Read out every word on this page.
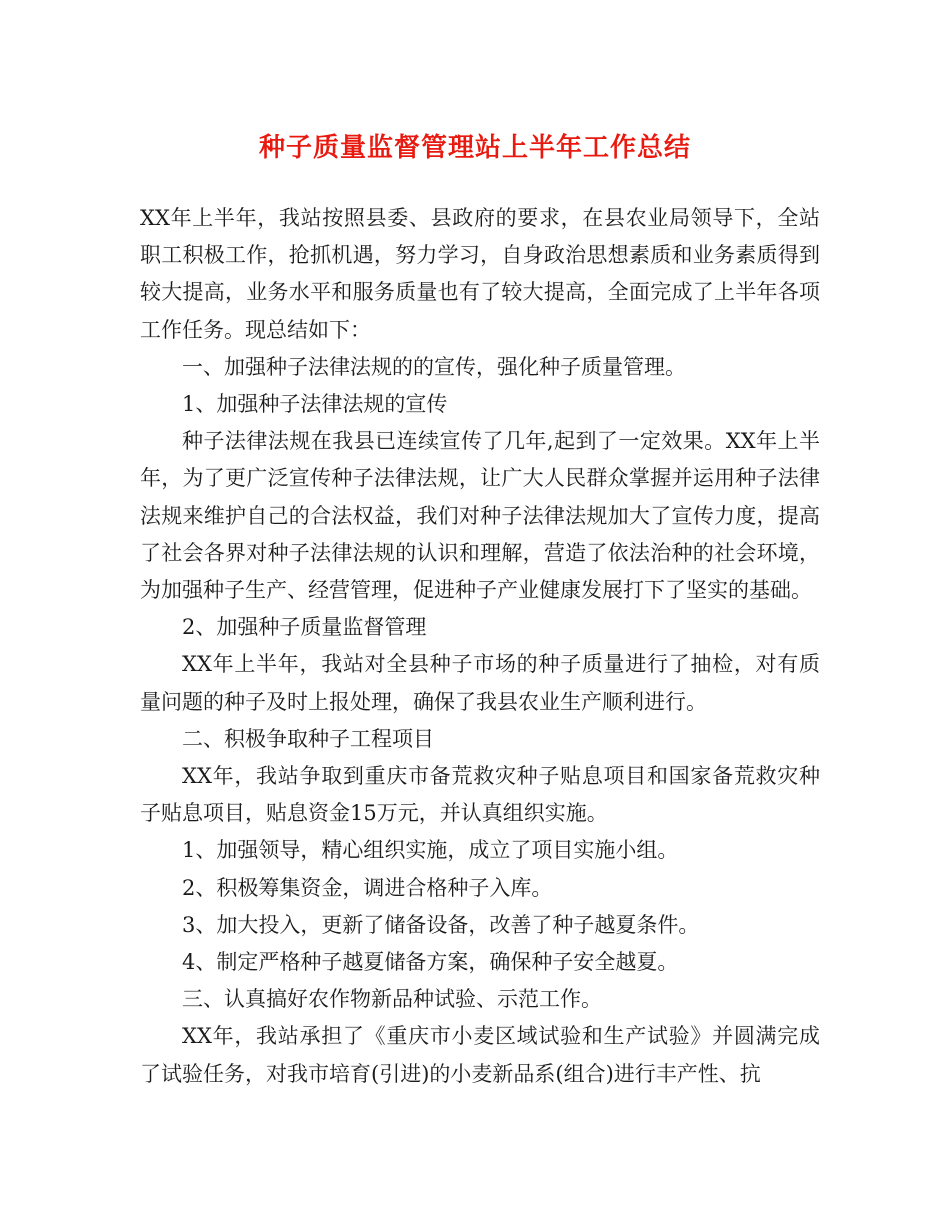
种子质量监督管理站上半年工作总结

XX年上半年，我站按照县委、县政府的要求，在县农业局领导下，全站职工积极工作，抢抓机遇，努力学习，自身政治思想素质和业务素质得到较大提高，业务水平和服务质量也有了较大提高，全面完成了上半年各项工作任务。现总结如下：

一、加强种子法律法规的的宣传，强化种子质量管理。

1、加强种子法律法规的宣传

种子法律法规在我县已连续宣传了几年,起到了一定效果。XX年上半年，为了更广泛宣传种子法律法规，让广大人民群众掌握并运用种子法律法规来维护自己的合法权益，我们对种子法律法规加大了宣传力度，提高了社会各界对种子法律法规的认识和理解，营造了依法治种的社会环境，为加强种子生产、经营管理，促进种子产业健康发展打下了坚实的基础。

2、加强种子质量监督管理

XX年上半年，我站对全县种子市场的种子质量进行了抽检，对有质量问题的种子及时上报处理，确保了我县农业生产顺利进行。

二、积极争取种子工程项目

XX年，我站争取到重庆市备荒救灾种子贴息项目和国家备荒救灾种子贴息项目，贴息资金15万元，并认真组织实施。

1、加强领导，精心组织实施，成立了项目实施小组。

2、积极筹集资金，调进合格种子入库。

3、加大投入，更新了储备设备，改善了种子越夏条件。

4、制定严格种子越夏储备方案，确保种子安全越夏。

三、认真搞好农作物新品种试验、示范工作。

XX年，我站承担了《重庆市小麦区域试验和生产试验》并圆满完成了试验任务，对我市培育(引进)的小麦新品系(组合)进行丰产性、抗
